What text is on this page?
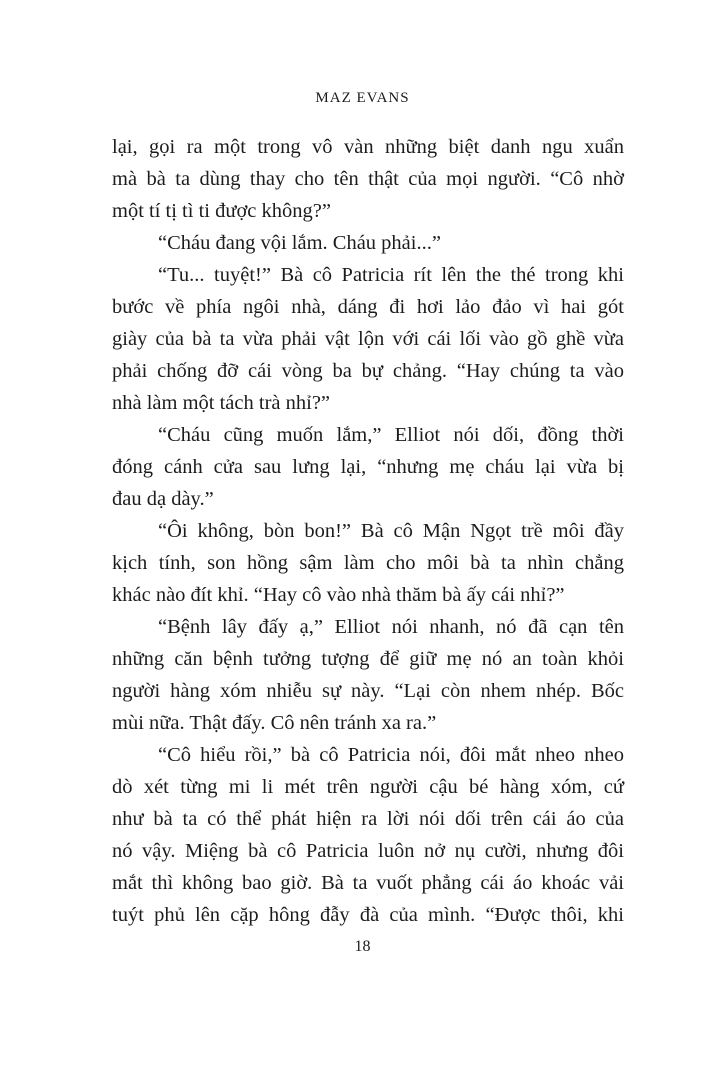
MAZ EVANS
lại, gọi ra một trong vô vàn những biệt danh ngu xuẩn
mà bà ta dùng thay cho tên thật của mọi người. “Cô nhờ
một tí tị tì ti được không?”
“Cháu đang vội lắm. Cháu phải...”
“Tu... tuyệt!” Bà cô Patricia rít lên the thé trong khi
bước về phía ngôi nhà, dáng đi hơi lảo đảo vì hai gót
giày của bà ta vừa phải vật lộn với cái lối vào gồ ghề vừa
phải chống đỡ cái vòng ba bự chảng. “Hay chúng ta vào
nhà làm một tách trà nhỉ?”
“Cháu cũng muốn lắm,” Elliot nói dối, đồng thời
đóng cánh cửa sau lưng lại, “nhưng mẹ cháu lại vừa bị
đau dạ dày.”
“Ôi không, bòn bon!” Bà cô Mận Ngọt trề môi đầy
kịch tính, son hồng sậm làm cho môi bà ta nhìn chẳng
khác nào đít khỉ. “Hay cô vào nhà thăm bà ấy cái nhỉ?”
“Bệnh lây đấy ạ,” Elliot nói nhanh, nó đã cạn tên
những căn bệnh tưởng tượng để giữ mẹ nó an toàn khỏi
người hàng xóm nhiễu sự này. “Lại còn nhem nhép. Bốc
mùi nữa. Thật đấy. Cô nên tránh xa ra.”
“Cô hiểu rồi,” bà cô Patricia nói, đôi mắt nheo nheo
dò xét từng mi li mét trên người cậu bé hàng xóm, cứ
như bà ta có thể phát hiện ra lời nói dối trên cái áo của
nó vậy. Miệng bà cô Patricia luôn nở nụ cười, nhưng đôi
mắt thì không bao giờ. Bà ta vuốt phẳng cái áo khoác vải
tuýt phủ lên cặp hông đẫy đà của mình. “Được thôi, khi
18
